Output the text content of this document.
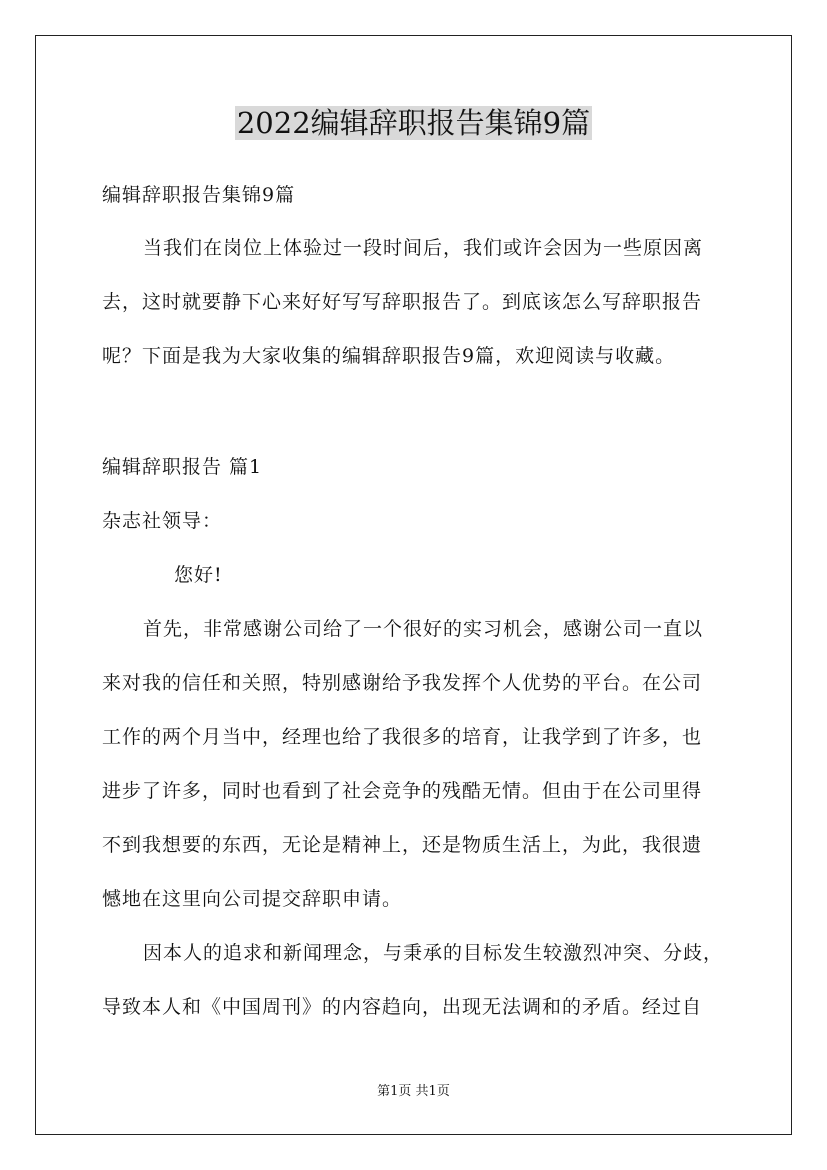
2022编辑辞职报告集锦9篇
编辑辞职报告集锦9篇
当我们在岗位上体验过一段时间后，我们或许会因为一些原因离
去，这时就要静下心来好好写写辞职报告了。到底该怎么写辞职报告
呢？下面是我为大家收集的编辑辞职报告9篇，欢迎阅读与收藏。
编辑辞职报告 篇1
杂志社领导：
您好!
首先，非常感谢公司给了一个很好的实习机会，感谢公司一直以
来对我的信任和关照，特别感谢给予我发挥个人优势的平台。在公司
工作的两个月当中，经理也给了我很多的培育，让我学到了许多，也
进步了许多，同时也看到了社会竞争的残酷无情。但由于在公司里得
不到我想要的东西，无论是精神上，还是物质生活上，为此，我很遗
憾地在这里向公司提交辞职申请。
因本人的追求和新闻理念，与秉承的目标发生较激烈冲突、分歧，
导致本人和《中国周刊》的内容趋向，出现无法调和的矛盾。经过自
第1页 共1页
